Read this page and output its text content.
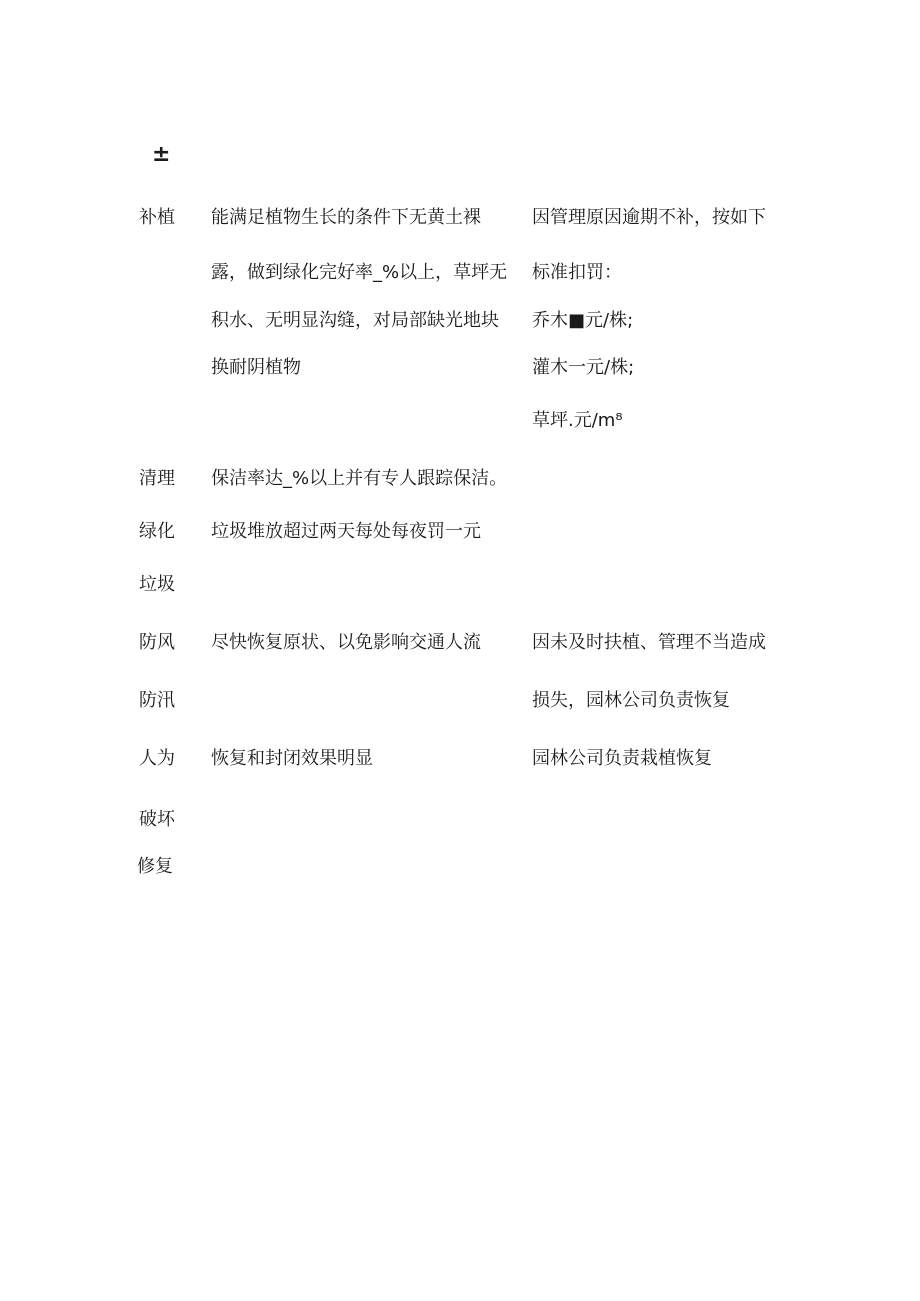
±
补植 能满足植物生长的条件下无黄土裸
露，做到绿化完好率_%以上，草坪无
积水、无明显沟缝，对局部缺光地块
换耐阴植物
因管理原因逾期不补，按如下
标准扣罚：
乔木■元/株;
灌木一元/株;
草坪.元/m⁸
清理
绿化
垃圾
保洁率达_%以上并有专人跟踪保洁。
垃圾堆放超过两天每处每夜罚一元
防风
防汛
尽快恢复原状、以免影响交通人流	因未及时扶植、管理不当造成
损失，园林公司负责恢复
人为
破坏
修复
恢复和封闭效果明显	园林公司负责栽植恢复
